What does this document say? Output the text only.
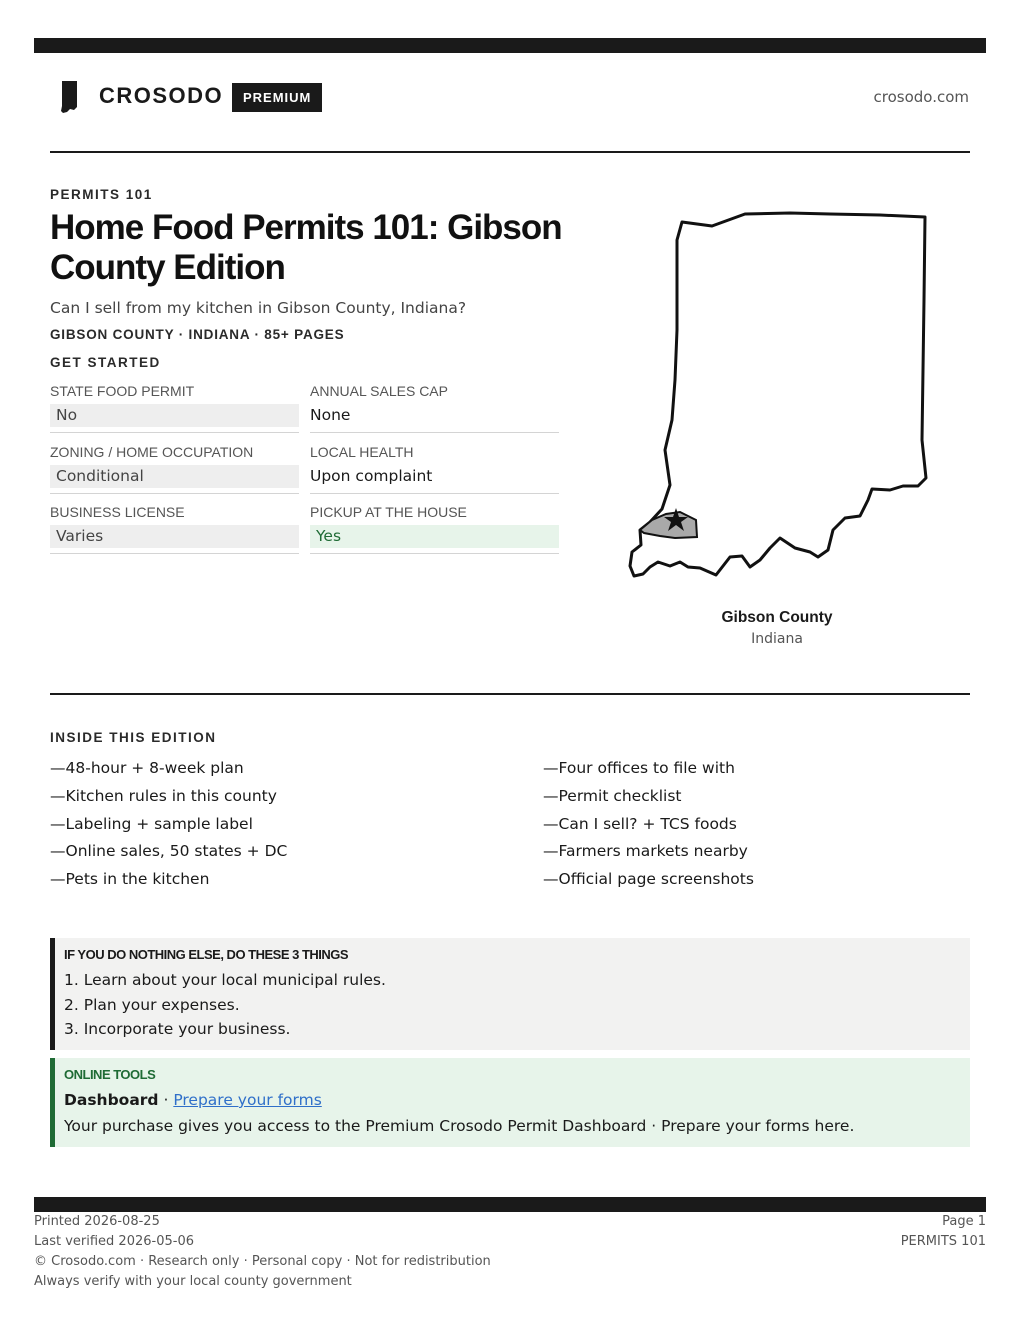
CROSODO	PREMIUM	crosodo.com
PERMITS 101
Home Food Permits 101: Gibson County Edition

Can I sell from my kitchen in Gibson County, Indiana?

GIBSON COUNTY · INDIANA · 85+ PAGES
GET STARTED
STATE FOOD PERMIT
No
ANNUAL SALES CAP
None
ZONING / HOME OCCUPATION
Conditional
LOCAL HEALTH
Upon complaint
BUSINESS LICENSE
Varies
PICKUP AT THE HOUSE
Yes
Gibson County
Indiana
INSIDE THIS EDITION
—48-hour + 8-week plan
—Kitchen rules in this county
—Labeling + sample label
—Online sales, 50 states + DC
—Pets in the kitchen
—Four offices to file with
—Permit checklist
—Can I sell? + TCS foods
—Farmers markets nearby
—Official page screenshots
IF YOU DO NOTHING ELSE, DO THESE 3 THINGS
1. Learn about your local municipal rules.
2. Plan your expenses.
3. Incorporate your business.
ONLINE TOOLS
Dashboard · Prepare your forms
Your purchase gives you access to the Premium Crosodo Permit Dashboard · Prepare your forms here.
Printed 2026-08-25
Last verified 2026-05-06
© Crosodo.com · Research only · Personal copy · Not for redistribution
Always verify with your local county government
Page 1
PERMITS 101
